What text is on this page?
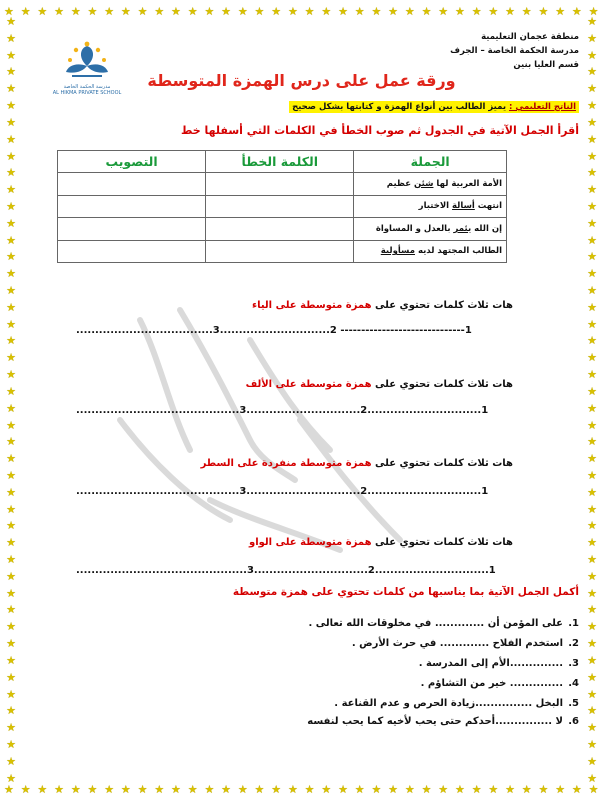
★ ★ ★ ★ ★ ★ ★ ★ ★ ★ ★ ★ ★ ★ ★ ★ ★ ★ ★ ★ ★ ★ ★ ★ ★ ★ ★ ★ ★ ★ ★ ★ ★ ★ ★ ★
★ ★ ★ ★ ★ ★ ★ ★ ★ ★ ★ ★ ★ ★ ★ ★ ★ ★ ★ ★ ★ ★ ★ ★ ★ ★ ★ ★ ★ ★ ★ ★ ★ ★ ★ ★
★
★
★
★
★
★
★
★
★
★
★
★
★
★
★
★
★
★
★
★
★
★
★
★
★
★
★
★
★
★
★
★
★
★
★
★
★
★
★
★
★
★
★
★
★
★
★
★
★
★
★
★
★
★
★
★
★
★
★
★
★
★
★
★
★
★
★
★
★
★
★
★
★
★
★
★
★
★
★
★
★
★
★
★
★
★
★
★
★
★
★
★
منطقة عجمان التعليمية
مدرسة الحكمة الخاصة – الجرف
قسم العليا بنين
مدرسة الحكمة الخاصة
AL HIKMA PRIVATE SCHOOL
ورقة عمل على درس الهمزة المتوسطة
الناتج التعليمي : يميز الطالب بين أنواع الهمزة و كتابتها بشكل صحيح
أقرأ الجمل الآتية في الجدول ثم صوب الخطأ في الكلمات التي أسفلها خط
الجملة	الكلمة الخطأ	التصويب
الأمة العربية لها شئن عظيم		
انتهت أسالة الاختبار		
إن الله يئمر بالعدل و المساواة		
الطالب المجتهد لديه مسأولية		
هات ثلاث كلمات تحتوي على همزة متوسطة على الياء
....................................3.............................2 ------------------------------1
هات ثلاث كلمات تحتوي على همزة متوسطة على الألف
...........................................3..............................2..............................1
هات ثلاث كلمات تحتوي على همزة متوسطة منفردة على السطر
...........................................3..............................2..............................1
هات ثلاث كلمات تحتوي على همزة متوسطة على الواو
.............................................3..............................2..............................1
أكمل الجمل الآتية بما يناسبها من كلمات تحتوي على همزة متوسطة
1.على المؤمن أن ............. في مخلوقات الله تعالى .
2.استخدم الفلاح ............. في حرث الأرض .
3...............الأم إلى المدرسة .
4............... خير من التشاؤم .
5.البخل ...............زيادة الحرص و عدم القناعة .
6.لا ...............أحدكم حتى يحب لأخيه كما يحب لنفسه
